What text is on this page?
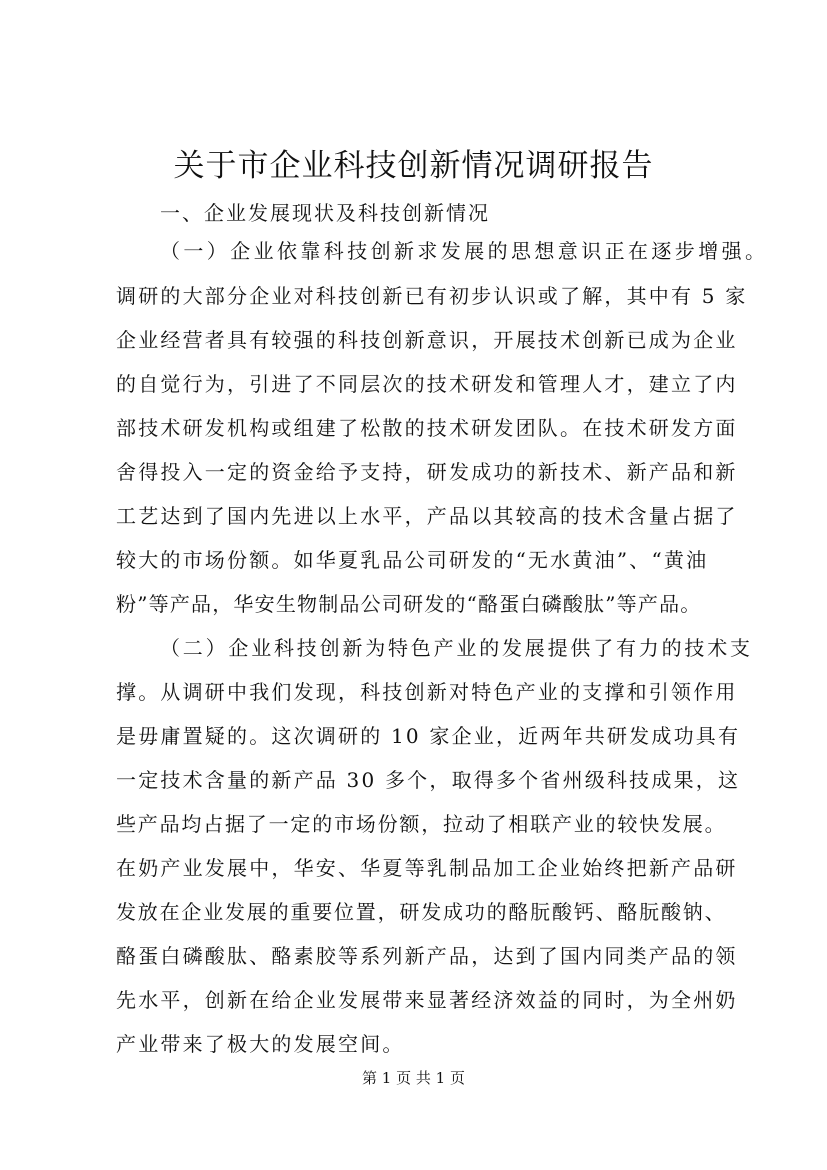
关于市企业科技创新情况调研报告
一、企业发展现状及科技创新情况
（一）企业依靠科技创新求发展的思想意识正在逐步增强。
调研的大部分企业对科技创新已有初步认识或了解，其中有 5 家
企业经营者具有较强的科技创新意识，开展技术创新已成为企业
的自觉行为，引进了不同层次的技术研发和管理人才，建立了内
部技术研发机构或组建了松散的技术研发团队。在技术研发方面
舍得投入一定的资金给予支持，研发成功的新技术、新产品和新
工艺达到了国内先进以上水平，产品以其较高的技术含量占据了
较大的市场份额。如华夏乳品公司研发的“无水黄油”、“黄油
粉”等产品，华安生物制品公司研发的“酪蛋白磷酸肽”等产品。
（二）企业科技创新为特色产业的发展提供了有力的技术支
撑。从调研中我们发现，科技创新对特色产业的支撑和引领作用
是毋庸置疑的。这次调研的 10 家企业，近两年共研发成功具有
一定技术含量的新产品 30 多个，取得多个省州级科技成果，这
些产品均占据了一定的市场份额，拉动了相联产业的较快发展。
在奶产业发展中，华安、华夏等乳制品加工企业始终把新产品研
发放在企业发展的重要位置，研发成功的酪朊酸钙、酪朊酸钠、
酪蛋白磷酸肽、酪素胶等系列新产品，达到了国内同类产品的领
先水平，创新在给企业发展带来显著经济效益的同时，为全州奶
产业带来了极大的发展空间。
第 1 页 共 1 页
